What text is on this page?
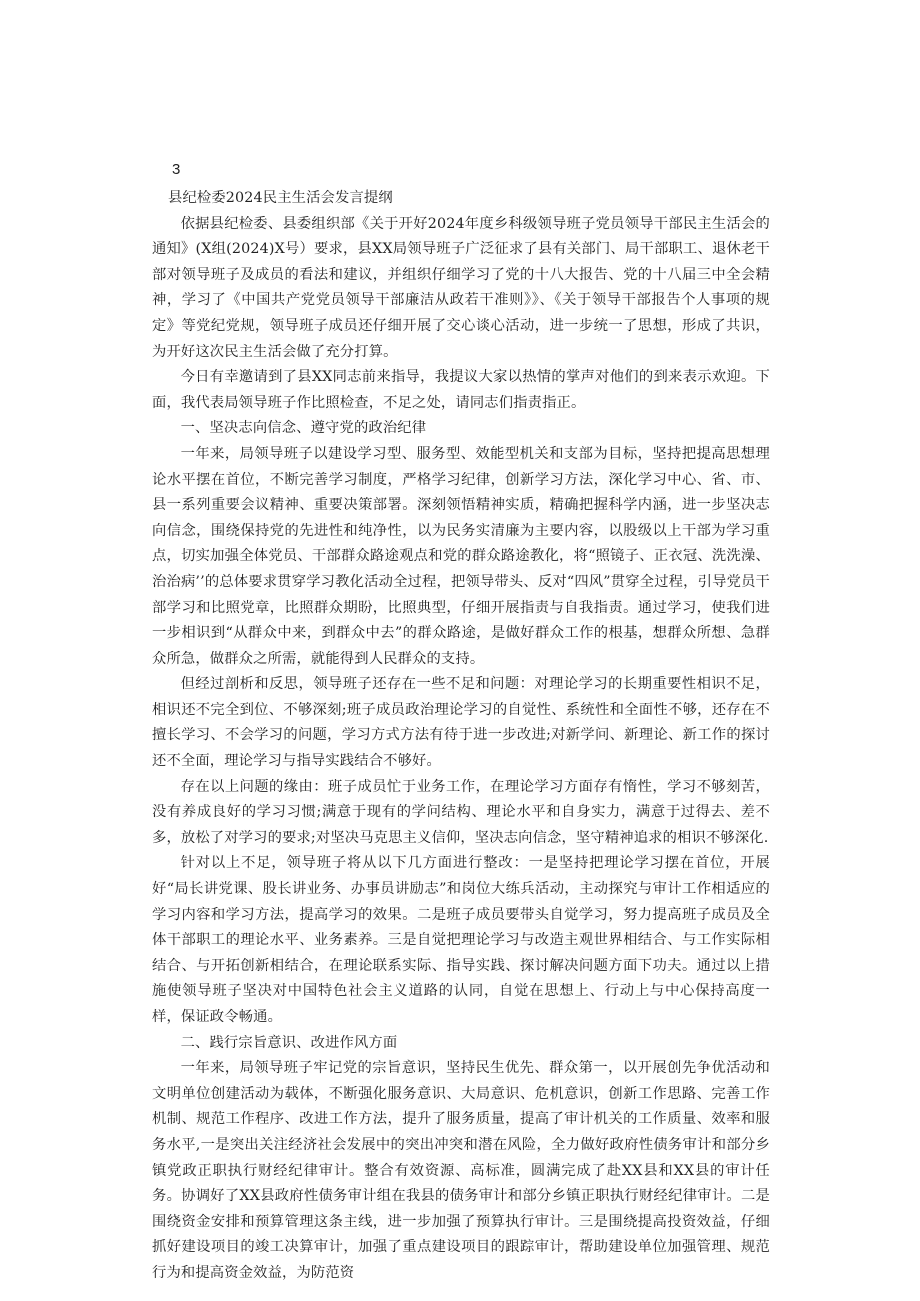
3
县纪检委2024民主生活会发言提纲

依据县纪检委、县委组织部《关于开好2024年度乡科级领导班子党员领导干部民主生活会的通知》(X组(2024)X号）要求，县XX局领导班子广泛征求了县有关部门、局干部职工、退休老干部对领导班子及成员的看法和建议，并组织仔细学习了党的十八大报告、党的十八届三中全会精神，学习了《中国共产党党员领导干部廉洁从政若干准则》》、《关于领导干部报告个人事项的规定》等党纪党规，领导班子成员还仔细开展了交心谈心活动，进一步统一了思想，形成了共识，为开好这次民主生活会做了充分打算。

今日有幸邀请到了县XX同志前来指导，我提议大家以热情的掌声对他们的到来表示欢迎。下面，我代表局领导班子作比照检查，不足之处，请同志们指责指正。

一、坚决志向信念、遵守党的政治纪律

一年来，局领导班子以建设学习型、服务型、效能型机关和支部为目标，坚持把提高思想理论水平摆在首位，不断完善学习制度，严格学习纪律，创新学习方法，深化学习中心、省、市、县一系列重要会议精神、重要决策部署。深刻领悟精神实质，精确把握科学内涵，进一步坚决志向信念，围绕保持党的先进性和纯净性，以为民务实清廉为主要内容，以股级以上干部为学习重点，切实加强全体党员、干部群众路途观点和党的群众路途教化，将“照镜子、正衣冠、洗洗澡、治治病’’的总体要求贯穿学习教化活动全过程，把领导带头、反对“四风”贯穿全过程，引导党员干部学习和比照党章，比照群众期盼，比照典型，仔细开展指责与自我指责。通过学习，使我们进一步相识到“从群众中来，到群众中去”的群众路途，是做好群众工作的根基，想群众所想、急群众所急，做群众之所需，就能得到人民群众的支持。

但经过剖析和反思，领导班子还存在一些不足和问题：对理论学习的长期重要性相识不足，相识还不完全到位、不够深刻;班子成员政治理论学习的自觉性、系统性和全面性不够，还存在不擅长学习、不会学习的问题，学习方式方法有待于进一步改进;对新学问、新理论、新工作的探讨还不全面，理论学习与指导实践结合不够好。

存在以上问题的缘由：班子成员忙于业务工作，在理论学习方面存有惰性，学习不够刻苦，没有养成良好的学习习惯;满意于现有的学问结构、理论水平和自身实力，满意于过得去、差不多，放松了对学习的要求;对坚决马克思主义信仰，坚决志向信念，坚守精神追求的相识不够深化.

针对以上不足，领导班子将从以下几方面进行整改：一是坚持把理论学习摆在首位，开展好“局长讲党课、股长讲业务、办事员讲励志”和岗位大练兵活动，主动探究与审计工作相适应的学习内容和学习方法，提高学习的效果。二是班子成员要带头自觉学习，努力提高班子成员及全体干部职工的理论水平、业务素养。三是自觉把理论学习与改造主观世界相结合、与工作实际相结合、与开拓创新相结合，在理论联系实际、指导实践、探讨解决问题方面下功夫。通过以上措施使领导班子坚决对中国特色社会主义道路的认同，自觉在思想上、行动上与中心保持高度一样，保证政令畅通。

二、践行宗旨意识、改进作风方面

一年来，局领导班子牢记党的宗旨意识，坚持民生优先、群众第一，以开展创先争优活动和文明单位创建活动为载体，不断强化服务意识、大局意识、危机意识，创新工作思路、完善工作机制、规范工作程序、改进工作方法，提升了服务质量，提高了审计机关的工作质量、效率和服务水平,一是突出关注经济社会发展中的突出冲突和潜在风险，全力做好政府性债务审计和部分乡镇党政正职执行财经纪律审计。整合有效资源、高标准，圆满完成了赴XX县和XX县的审计任务。协调好了XX县政府性债务审计组在我县的债务审计和部分乡镇正职执行财经纪律审计。二是围绕资金安排和预算管理这条主线，进一步加强了预算执行审计。三是围绕提高投资效益，仔细抓好建设项目的竣工决算审计，加强了重点建设项目的跟踪审计，帮助建设单位加强管理、规范行为和提高资金效益，为防范资
